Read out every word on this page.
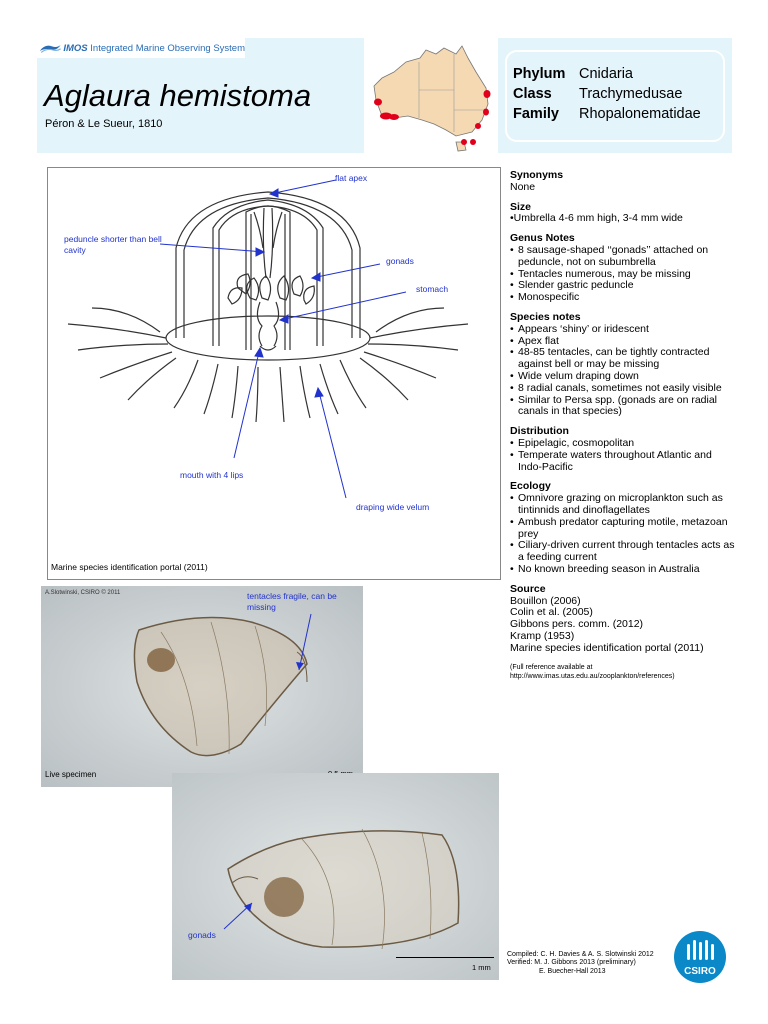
IMOS Integrated Marine Observing System
Aglaura hemistoma
Péron & Le Sueur, 1810
Phylum Cnidaria
Class	Trachymedusae
Family	Rhopalonematidae
flat apex
peduncle shorter than bell cavity
gonads
stomach
mouth with 4 lips
draping wide velum
Marine species identification portal (2011)
A.Slotwinski, CSIRO © 2011	tentacles fragile, can be missing
Live specimen
gonads
1 mm
Synonyms
None
Size
•Umbrella 4-6 mm high, 3-4 mm wide
Genus Notes
• 8 sausage-shaped ‘‘gonads’’ attached on peduncle, not on subumbrella
• Tentacles numerous, may be missing
• Slender gastric peduncle
• Monospecific
Species notes
• Appears ‘shiny’ or iridescent
• Apex flat
• 48-85 tentacles, can be tightly contracted against bell or may be missing
• Wide velum draping down
• 8 radial canals, sometimes not easily visible
• Similar to Persa spp. (gonads are on radial canals in that species)
Distribution
• Epipelagic, cosmopolitan
• Temperate waters throughout Atlantic and Indo-Pacific
Ecology
• Omnivore grazing on microplankton such as tintinnids and dinoflagellates
• Ambush predator capturing motile, metazoan prey
• Ciliary-driven current through tentacles acts as a feeding current
• No known breeding season in Australia
Source
Bouillon (2006)
Colin et al. (2005)
Gibbons pers. comm. (2012)
Kramp (1953)
Marine species identification portal (2011)
(Full reference available at http://www.imas.utas.edu.au/zooplankton/references)
Compiled: C. H. Davies & A. S. Slotwinski 2012
Verified: M. J. Gibbons 2013 (preliminary)
E. Buecher-Hall 2013	CSIRO
